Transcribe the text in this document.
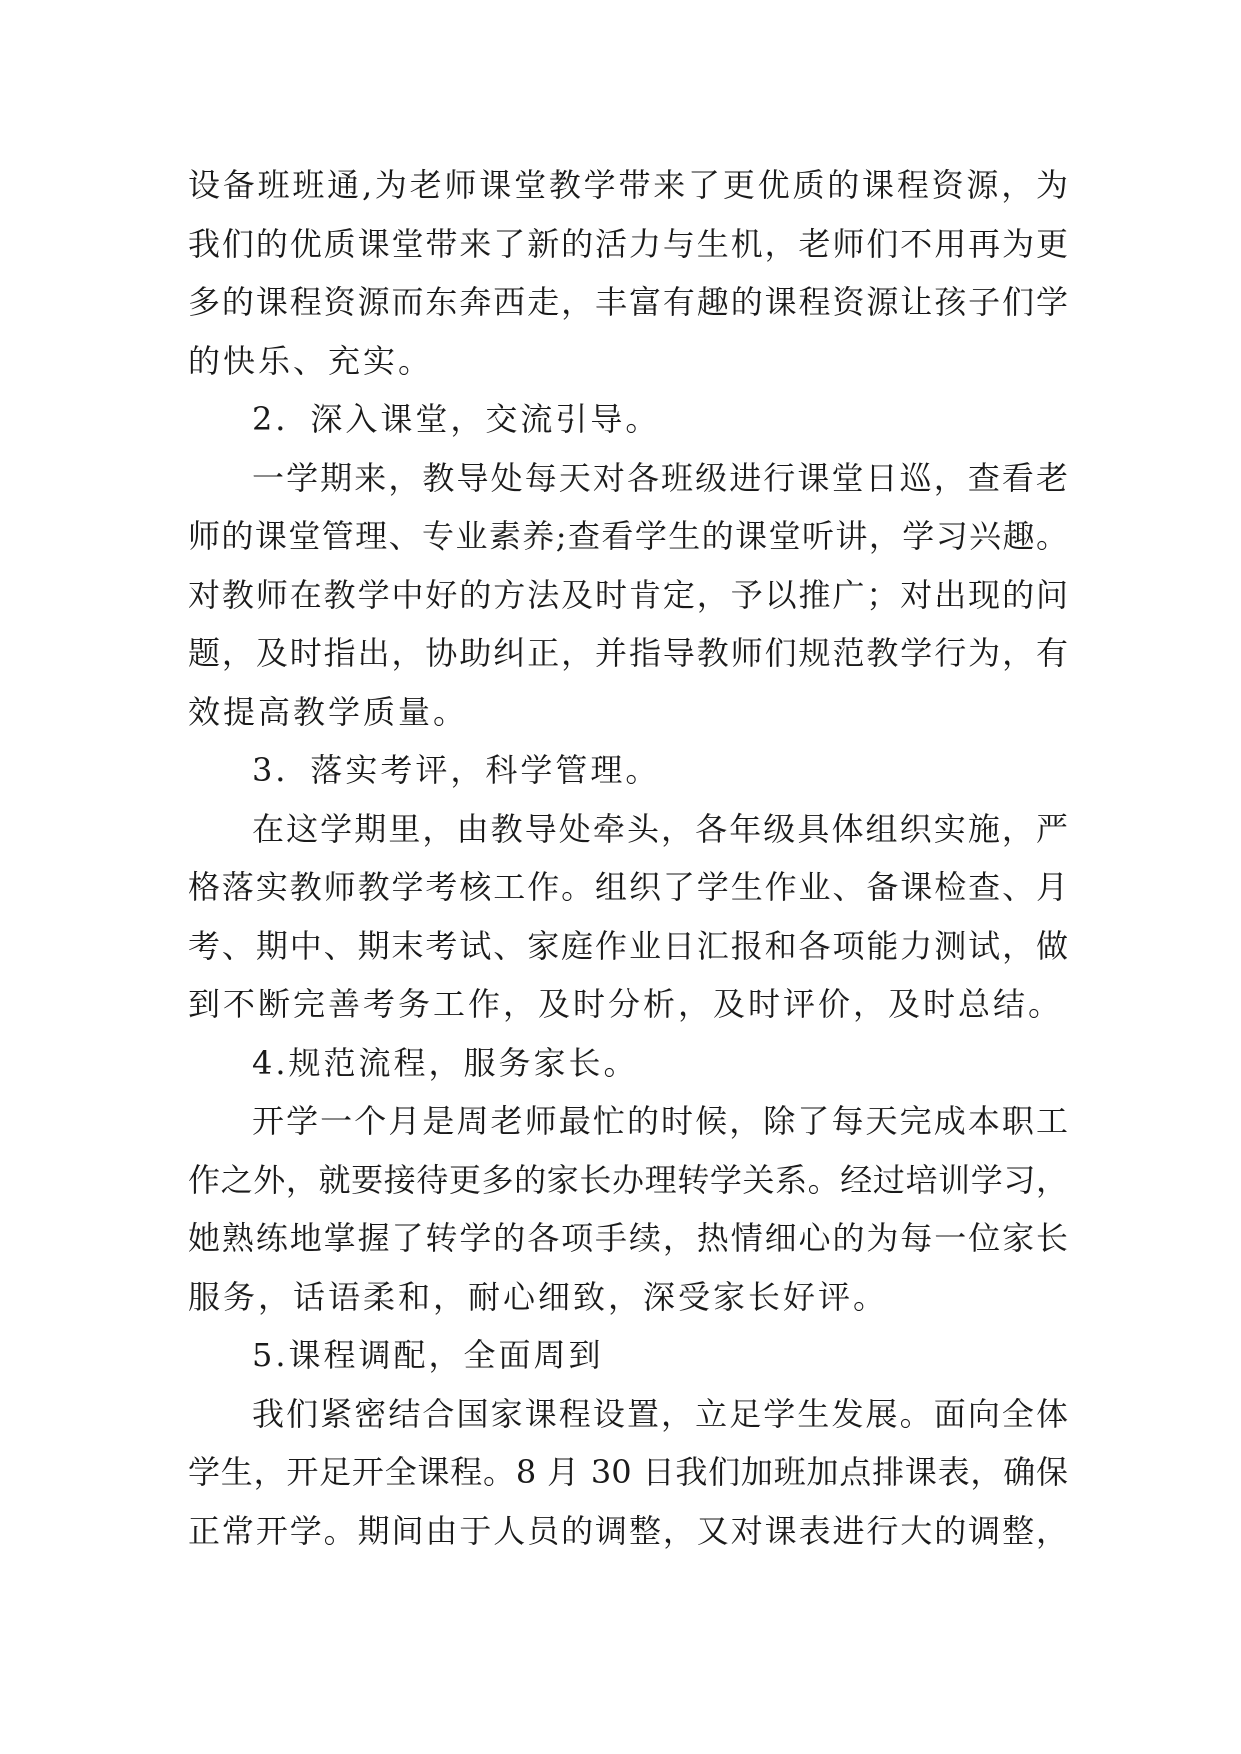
设备班班通,为老师课堂教学带来了更优质的课程资源，为
我们的优质课堂带来了新的活力与生机，老师们不用再为更
多的课程资源而东奔西走，丰富有趣的课程资源让孩子们学
的快乐、充实。
2．深入课堂，交流引导。
一学期来，教导处每天对各班级进行课堂日巡，查看老
师的课堂管理、专业素养;查看学生的课堂听讲，学习兴趣。
对教师在教学中好的方法及时肯定，予以推广；对出现的问
题，及时指出，协助纠正，并指导教师们规范教学行为，有
效提高教学质量。
3．落实考评，科学管理。
在这学期里，由教导处牵头，各年级具体组织实施，严
格落实教师教学考核工作。组织了学生作业、备课检查、月
考、期中、期末考试、家庭作业日汇报和各项能力测试，做
到不断完善考务工作，及时分析，及时评价，及时总结。
4.规范流程，服务家长。
开学一个月是周老师最忙的时候，除了每天完成本职工
作之外，就要接待更多的家长办理转学关系。经过培训学习，
她熟练地掌握了转学的各项手续，热情细心的为每一位家长
服务，话语柔和，耐心细致，深受家长好评。
5.课程调配，全面周到
我们紧密结合国家课程设置，立足学生发展。面向全体
学生，开足开全课程。8 月 30 日我们加班加点排课表，确保
正常开学。期间由于人员的调整，又对课表进行大的调整，
